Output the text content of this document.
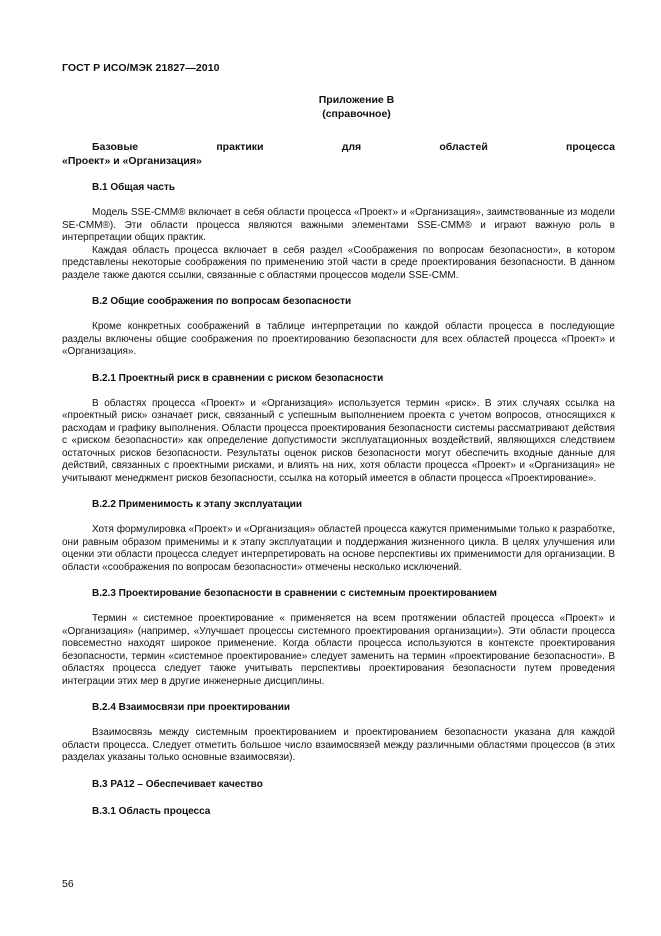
ГОСТ Р ИСО/МЭК 21827—2010
Приложение В
(справочное)
Базовые	практики	для	областей	процесса
«Проект» и «Организация»
В.1 Общая часть

Модель SSE-CMM® включает в себя области процесса «Проект» и «Организация», заимствованные из модели SE-CMM®). Эти области процесса являются важными элементами SSE-CMM® и играют важную роль в интерпретации общих практик.

Каждая область процесса включает в себя раздел «Соображения по вопросам безопасности», в котором представлены некоторые соображения по применению этой части в среде проектирования безопасности. В данном разделе также даются ссылки, связанные с областями процессов модели SSE-CMM.

В.2 Общие соображения по вопросам безопасности

Кроме конкретных соображений в таблице интерпретации по каждой области процесса в последующие разделы включены общие соображения по проектированию безопасности для всех областей процесса «Проект» и «Организация».

В.2.1 Проектный риск в сравнении с риском безопасности

В областях процесса «Проект» и «Организация» используется термин «риск». В этих случаях ссылка на «проектный риск» означает риск, связанный с успешным выполнением проекта с учетом вопросов, относящихся к расходам и графику выполнения. Области процесса проектирования безопасности системы рассматривают действия с «риском безопасности» как определение допустимости эксплуатационных воздействий, являющихся следствием остаточных рисков безопасности. Результаты оценок рисков безопасности могут обеспечить входные данные для действий, связанных с проектными рисками, и влиять на них, хотя области процесса «Проект» и «Организация» не учитывают менеджмент рисков безопасности, ссылка на который имеется в области процесса «Проектирование».

В.2.2 Применимость к этапу эксплуатации

Хотя формулировка «Проект» и «Организация» областей процесса кажутся применимыми только к разработке, они равным образом применимы и к этапу эксплуатации и поддержания жизненного цикла. В целях улучшения или оценки эти области процесса следует интерпретировать на основе перспективы их применимости для организации. В области «соображения по вопросам безопасности» отмечены несколько исключений.

В.2.3 Проектирование безопасности в сравнении с системным проектированием

Термин « системное проектирование « применяется на всем протяжении областей процесса «Проект» и «Организация» (например, «Улучшает процессы системного проектирования организации»). Эти области процесса повсеместно находят широкое применение. Когда области процесса используются в контексте проектирования безопасности, термин «системное проектирование» следует заменить на термин «проектирование безопасности». В областях процесса следует также учитывать перспективы проектирования безопасности путем проведения интеграции этих мер в другие инженерные дисциплины.

В.2.4 Взаимосвязи при проектировании

Взаимосвязь между системным проектированием и проектированием безопасности указана для каждой области процесса. Следует отметить большое число взаимосвязей между различными областями процессов (в этих разделах указаны только основные взаимосвязи).

В.3 PA12 – Обеспечивает качество
В.3.1 Область процесса
56
